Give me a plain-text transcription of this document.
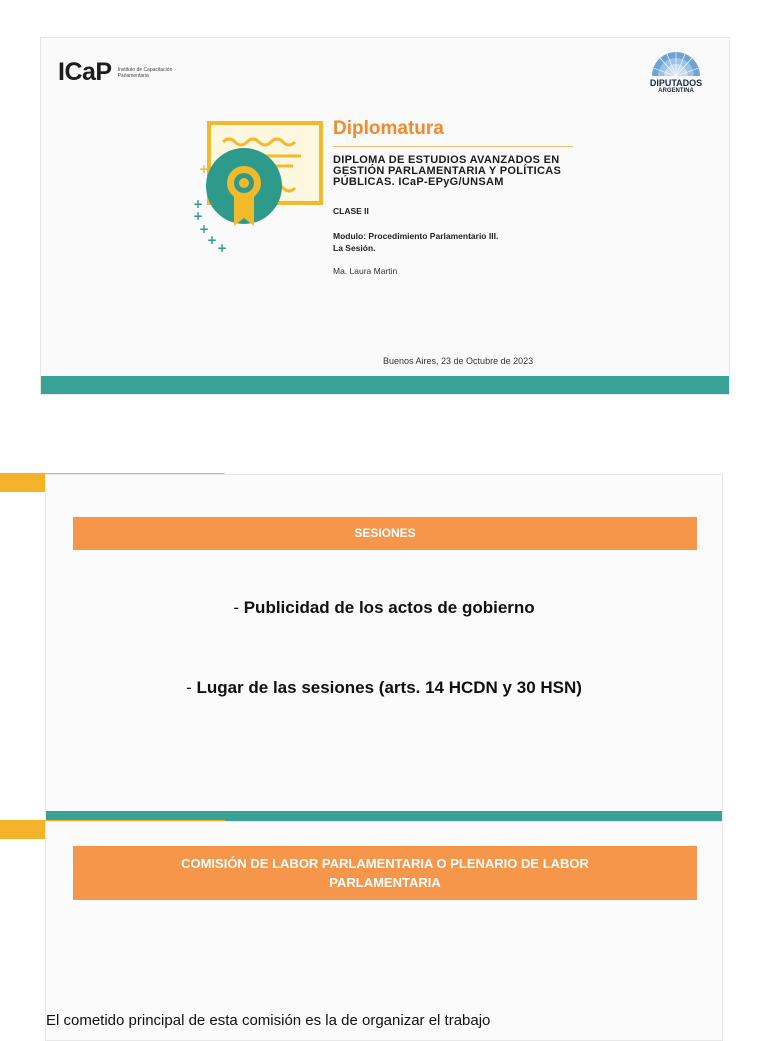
ICaP Instituto de Capacitación Parlamentaria
DIPUTADOS
ARGENTINA
+
+
+
+
+
+
Diplomatura
DIPLOMA DE ESTUDIOS AVANZADOS EN GESTIÓN PARLAMENTARIA Y POLÍTICAS PÚBLICAS. ICaP-EPyG/UNSAM
CLASE II
Modulo: Procedimiento Parlamentario III.
La Sesión.
Ma. Laura Martin
Buenos Aires, 23 de Octubre de 2023
SESIONES
- Publicidad de los actos de gobierno
- Lugar de las sesiones (arts. 14 HCDN y 30 HSN)
COMISIÓN DE LABOR PARLAMENTARIA O PLENARIO DE LABOR
PARLAMENTARIA
El cometido principal de esta comisión es la de organizar el trabajo
